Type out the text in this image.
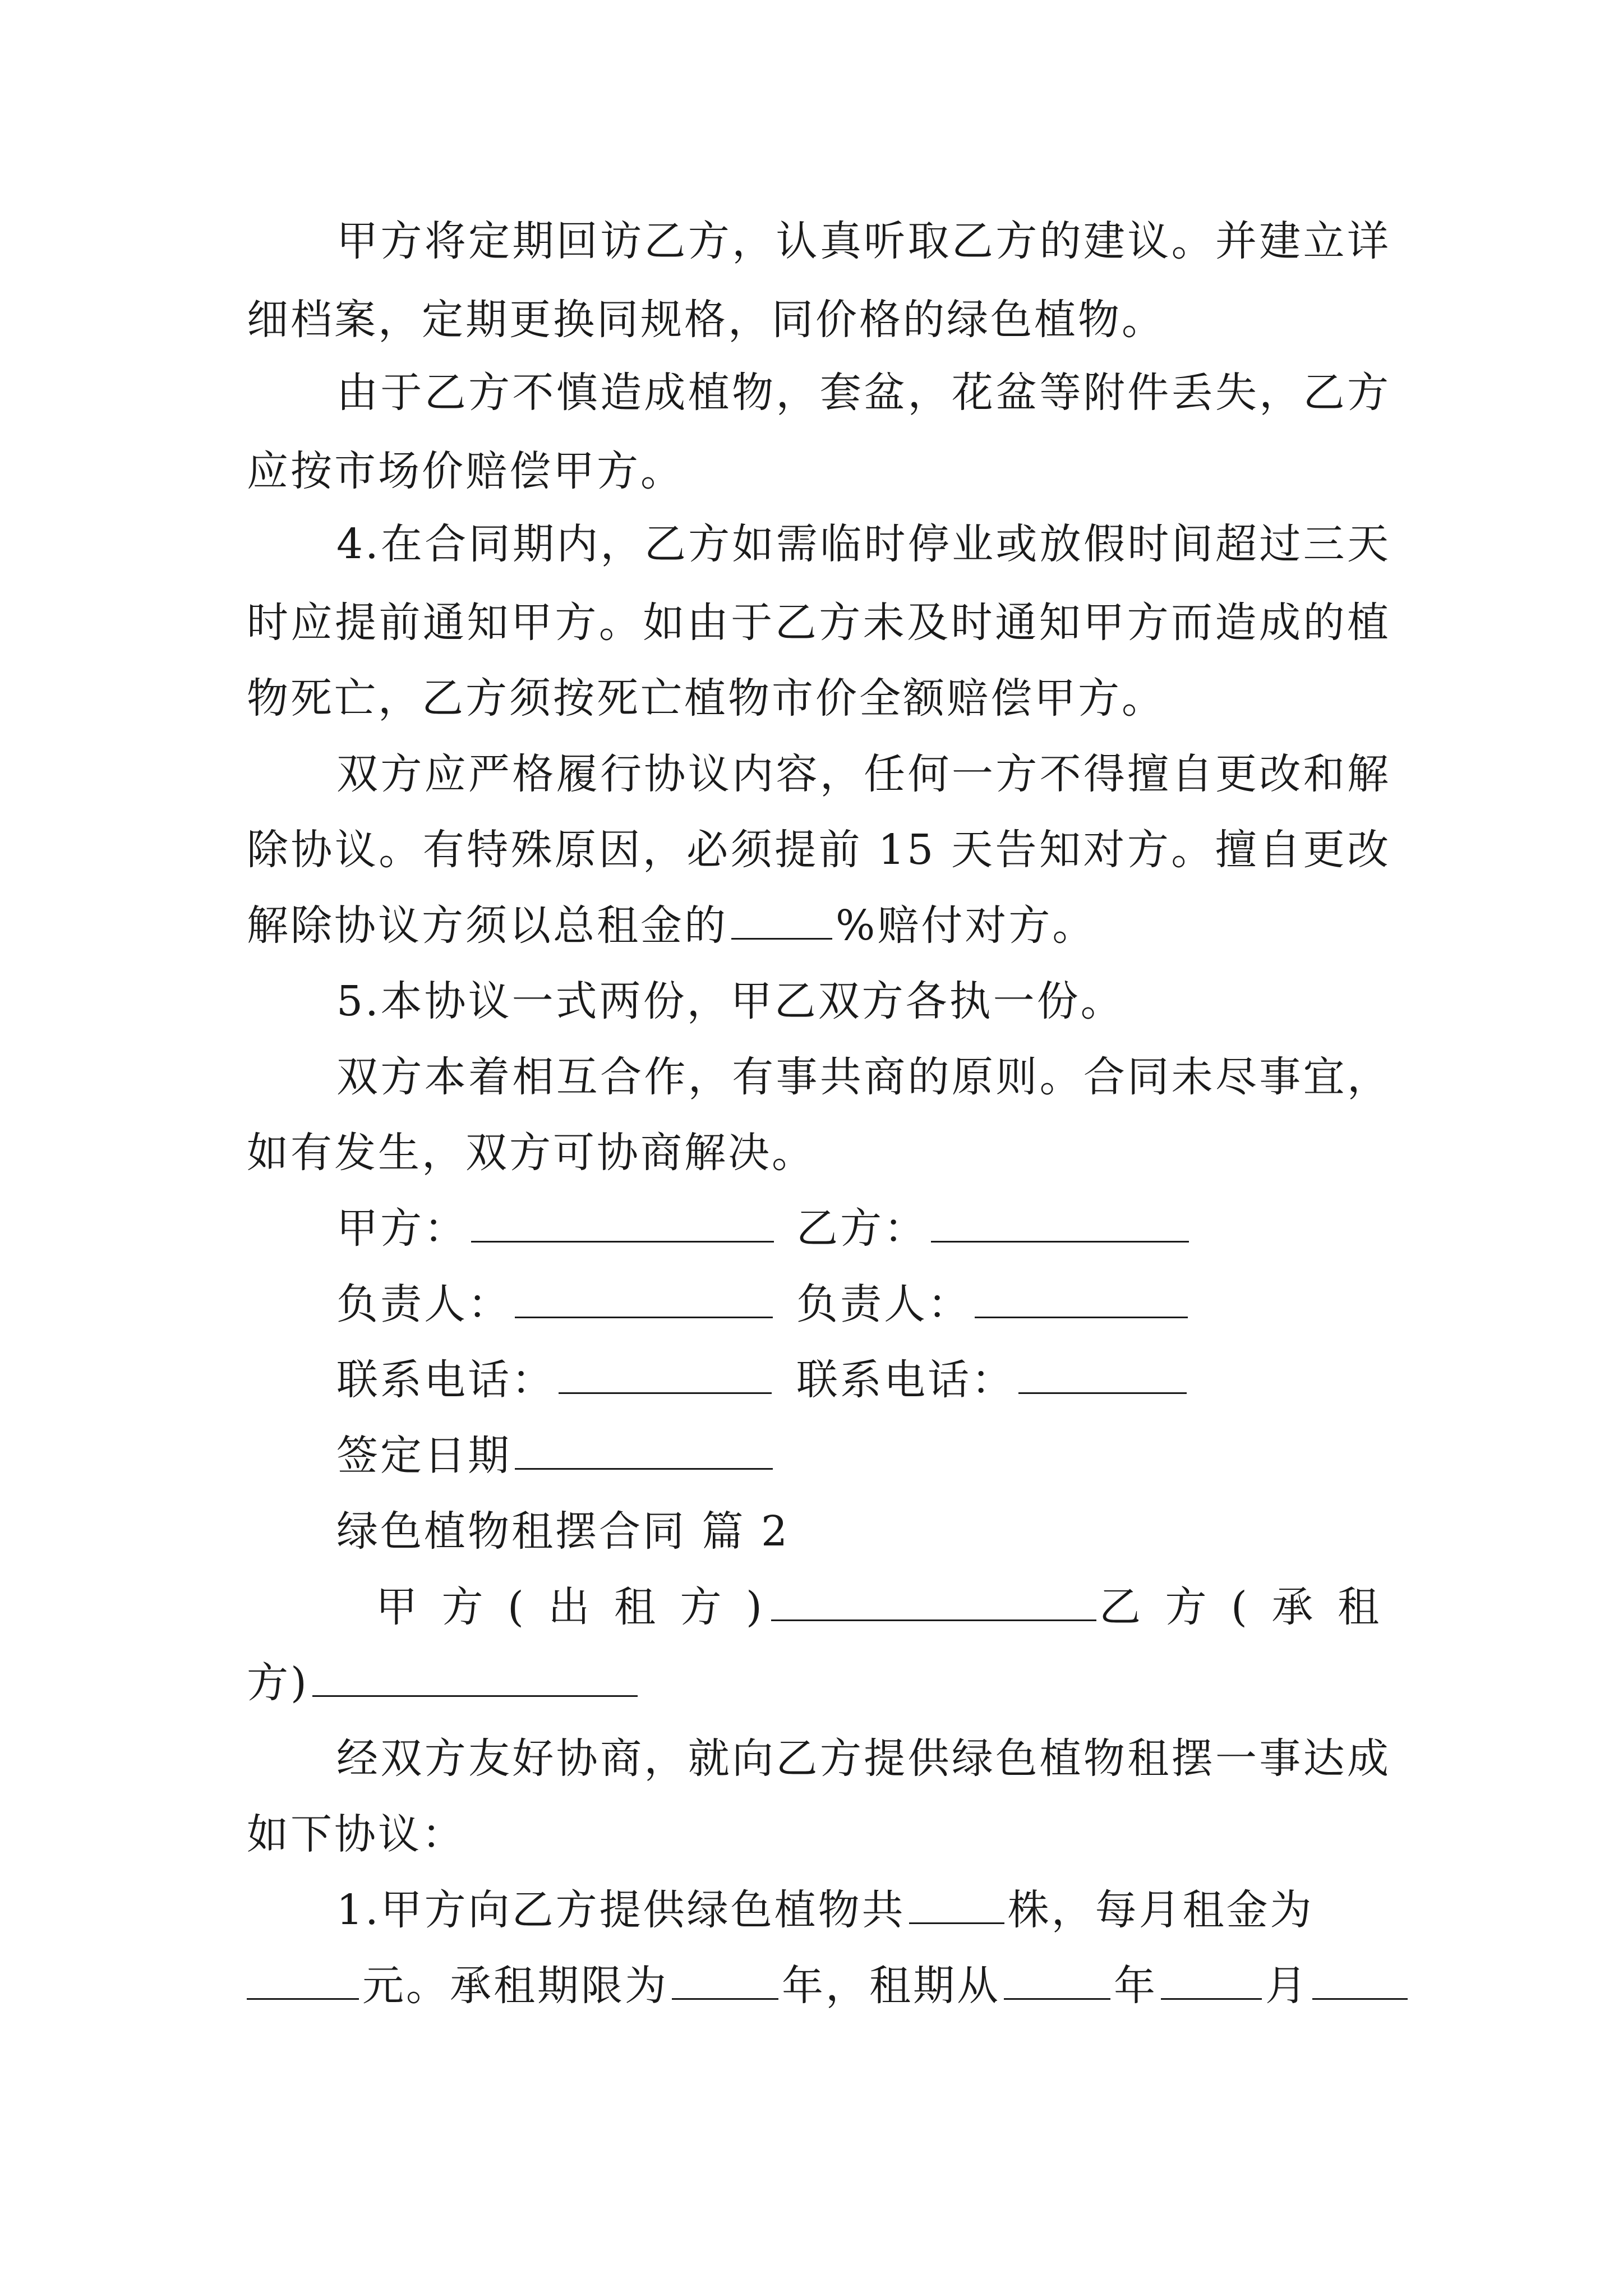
甲方将定期回访乙方，认真听取乙方的建议。并建立详
细档案，定期更换同规格，同价格的绿色植物。
由于乙方不慎造成植物，套盆，花盆等附件丢失，乙方
应按市场价赔偿甲方。
4.在合同期内，乙方如需临时停业或放假时间超过三天
时应提前通知甲方。如由于乙方未及时通知甲方而造成的植
物死亡，乙方须按死亡植物市价全额赔偿甲方。
双方应严格履行协议内容，任何一方不得擅自更改和解
除协议。有特殊原因，必须提前 15 天告知对方。擅自更改
解除协议方须以总租金的	%赔付对方。
5.本协议一式两份，甲乙双方各执一份。
双方本着相互合作，有事共商的原则。合同未尽事宜，
如有发生，双方可协商解决。
甲方：	乙方：
负责人：	负责人：
联系电话：	联系电话：
签定日期
绿色植物租摆合同 篇 2
甲 方 ( 出 租 方 )	乙 方 ( 承 租
方)
经双方友好协商，就向乙方提供绿色植物租摆一事达成
如下协议：
1.甲方向乙方提供绿色植物共 株，每月租金为
元。承租期限为	年，租期从	年	月
